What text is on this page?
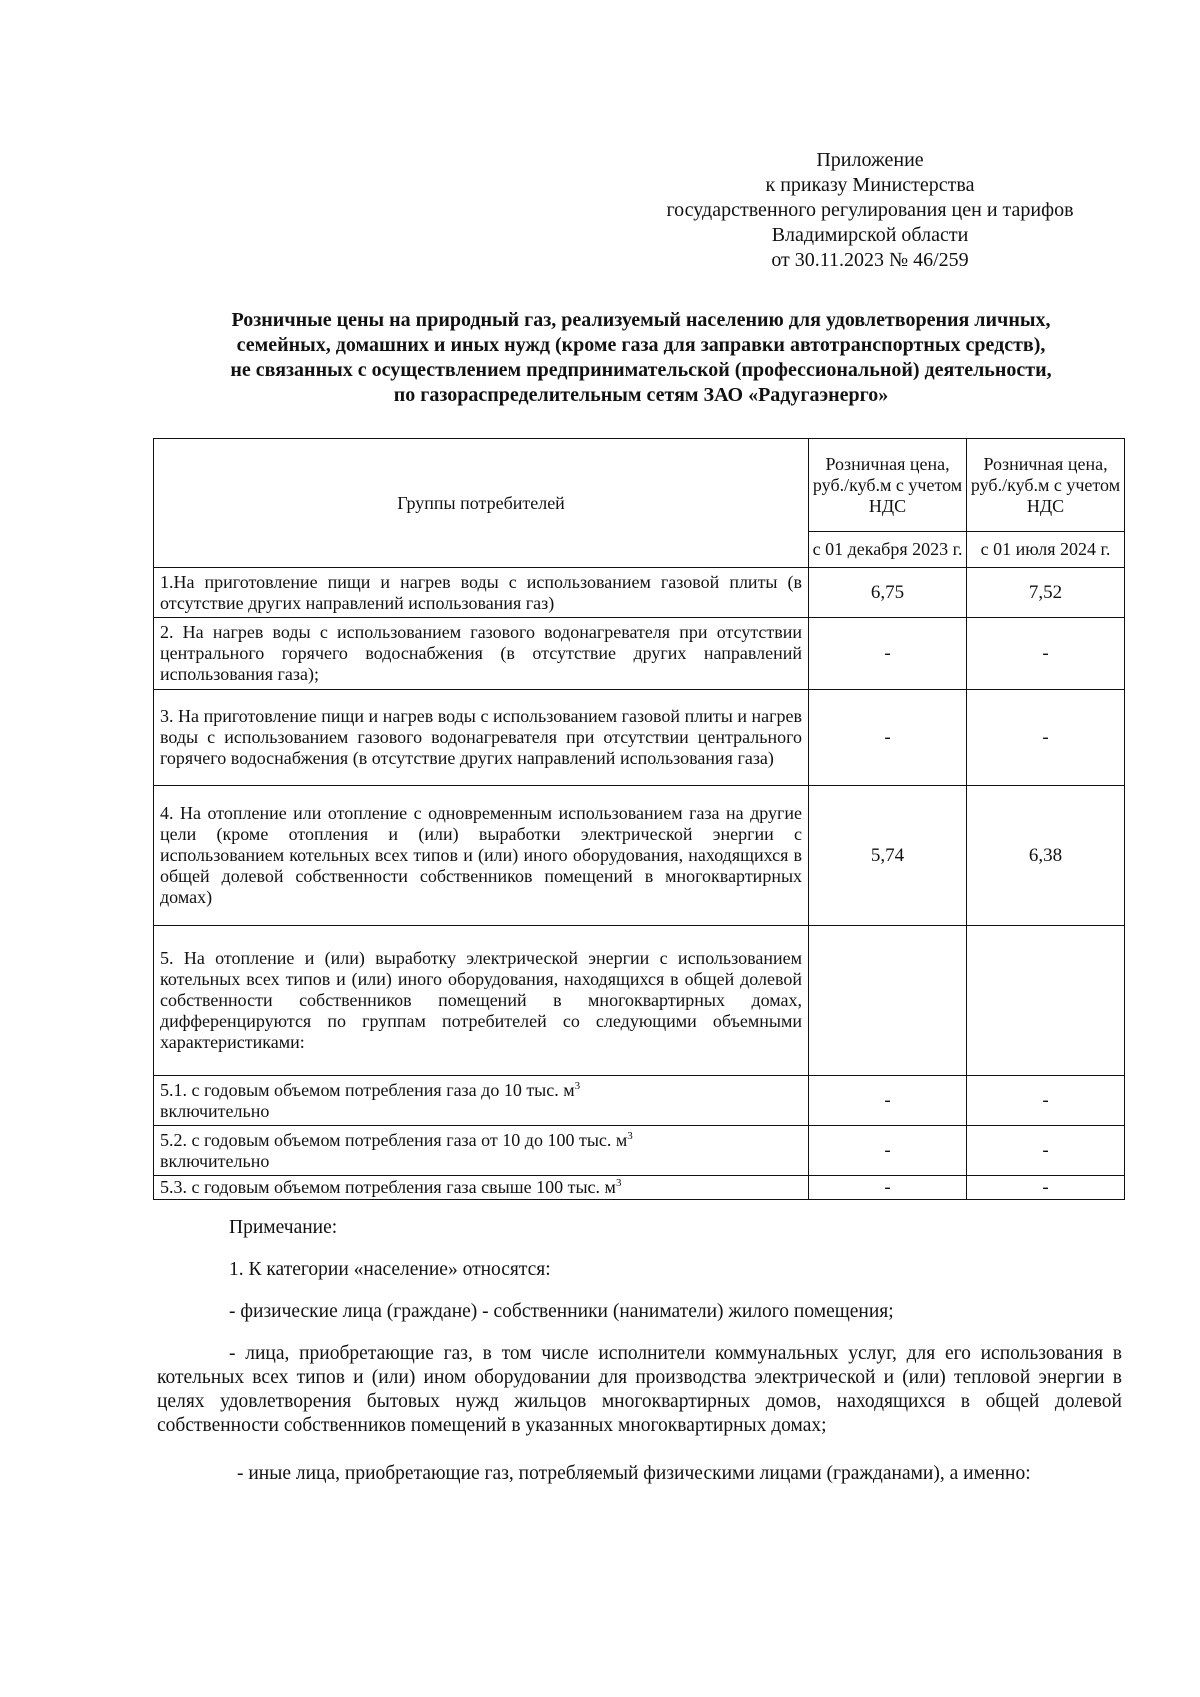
Приложение
к приказу Министерства
государственного регулирования цен и тарифов
Владимирской области
от 30.11.2023 № 46/259
Розничные цены на природный газ, реализуемый населению для удовлетворения личных,
семейных, домашних и иных нужд (кроме газа для заправки автотранспортных средств),
не связанных с осуществлением предпринимательской (профессиональной) деятельности,
по газораспределительным сетям ЗАО «Радугаэнерго»
Группы потребителей	Розничная цена, руб./куб.м с учетом НДС	Розничная цена, руб./куб.м с учетом НДС
	с 01 декабря 2023 г.	с 01 июля 2024 г.
1.На приготовление пищи и нагрев воды с использованием газовой плиты (в отсутствие других направлений использования газ)	6,75	7,52
2. На нагрев воды с использованием газового водонагревателя при отсутствии центрального горячего водоснабжения (в отсутствие других направлений использования газа);	-	-
3. На приготовление пищи и нагрев воды с использованием газовой плиты и нагрев воды с использованием газового водонагревателя при отсутствии центрального горячего водоснабжения (в отсутствие других направлений использования газа)	-	-
4. На отопление или отопление с одновременным использованием газа на другие цели (кроме отопления и (или) выработки электрической энергии с использованием котельных всех типов и (или) иного оборудования, находящихся в общей долевой собственности собственников помещений в многоквартирных домах)	5,74	6,38
5. На отопление и (или) выработку электрической энергии с использованием котельных всех типов и (или) иного оборудования, находящихся в общей долевой собственности собственников помещений в многоквартирных домах, дифференцируются по группам потребителей со следующими объемными характеристиками:		
5.1. с годовым объемом потребления газа до 10 тыс. $м^3$
включительно	-	-
5.2. с годовым объемом потребления газа от 10 до 100 тыс. $м^3$
включительно	-	-
5.3. с годовым объемом потребления газа свыше 100 тыс. $м^3$	-	-

Примечание:

1. К категории «население» относятся:

- физические лица (граждане) - собственники (наниматели) жилого помещения;

- лица, приобретающие газ, в том числе исполнители коммунальных услуг, для его использования в котельных всех типов и (или) ином оборудовании для производства электрической и (или) тепловой энергии в целях удовлетворения бытовых нужд жильцов многоквартирных домов, находящихся в общей долевой собственности собственников помещений в указанных многоквартирных домах;

- иные лица, приобретающие газ, потребляемый физическими лицами (гражданами), а именно:
